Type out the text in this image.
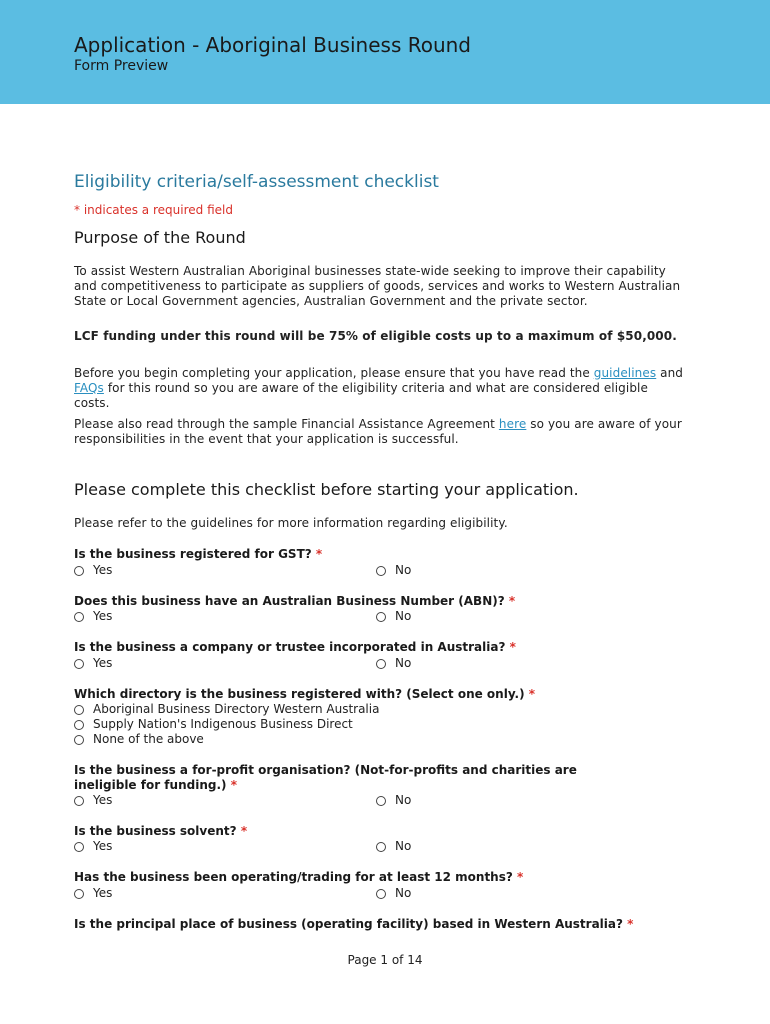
Application - Aboriginal Business Round
Form Preview
Eligibility criteria/self-assessment checklist
* indicates a required field
Purpose of the Round
To assist Western Australian Aboriginal businesses state-wide seeking to improve their capability and competitiveness to participate as suppliers of goods, services and works to Western Australian State or Local Government agencies, Australian Government and the private sector.
LCF funding under this round will be 75% of eligible costs up to a maximum of $50,000.
Before you begin completing your application, please ensure that you have read the guidelines and FAQs for this round so you are aware of the eligibility criteria and what are considered eligible costs.
Please also read through the sample Financial Assistance Agreement here so you are aware of your responsibilities in the event that your application is successful.
Please complete this checklist before starting your application.
Please refer to the guidelines for more information regarding eligibility.
Is the business registered for GST? *
Yes	No
Does this business have an Australian Business Number (ABN)? *
Yes	No
Is the business a company or trustee incorporated in Australia? *
Yes	No
Which directory is the business registered with? (Select one only.) *
Aboriginal Business Directory Western Australia
Supply Nation's Indigenous Business Direct
None of the above
Is the business a for-profit organisation? (Not-for-profits and charities are ineligible for funding.) *
Yes	No
Is the business solvent? *
Yes	No
Has the business been operating/trading for at least 12 months? *
Yes	No
Is the principal place of business (operating facility) based in Western Australia? *
Page 1 of 14
